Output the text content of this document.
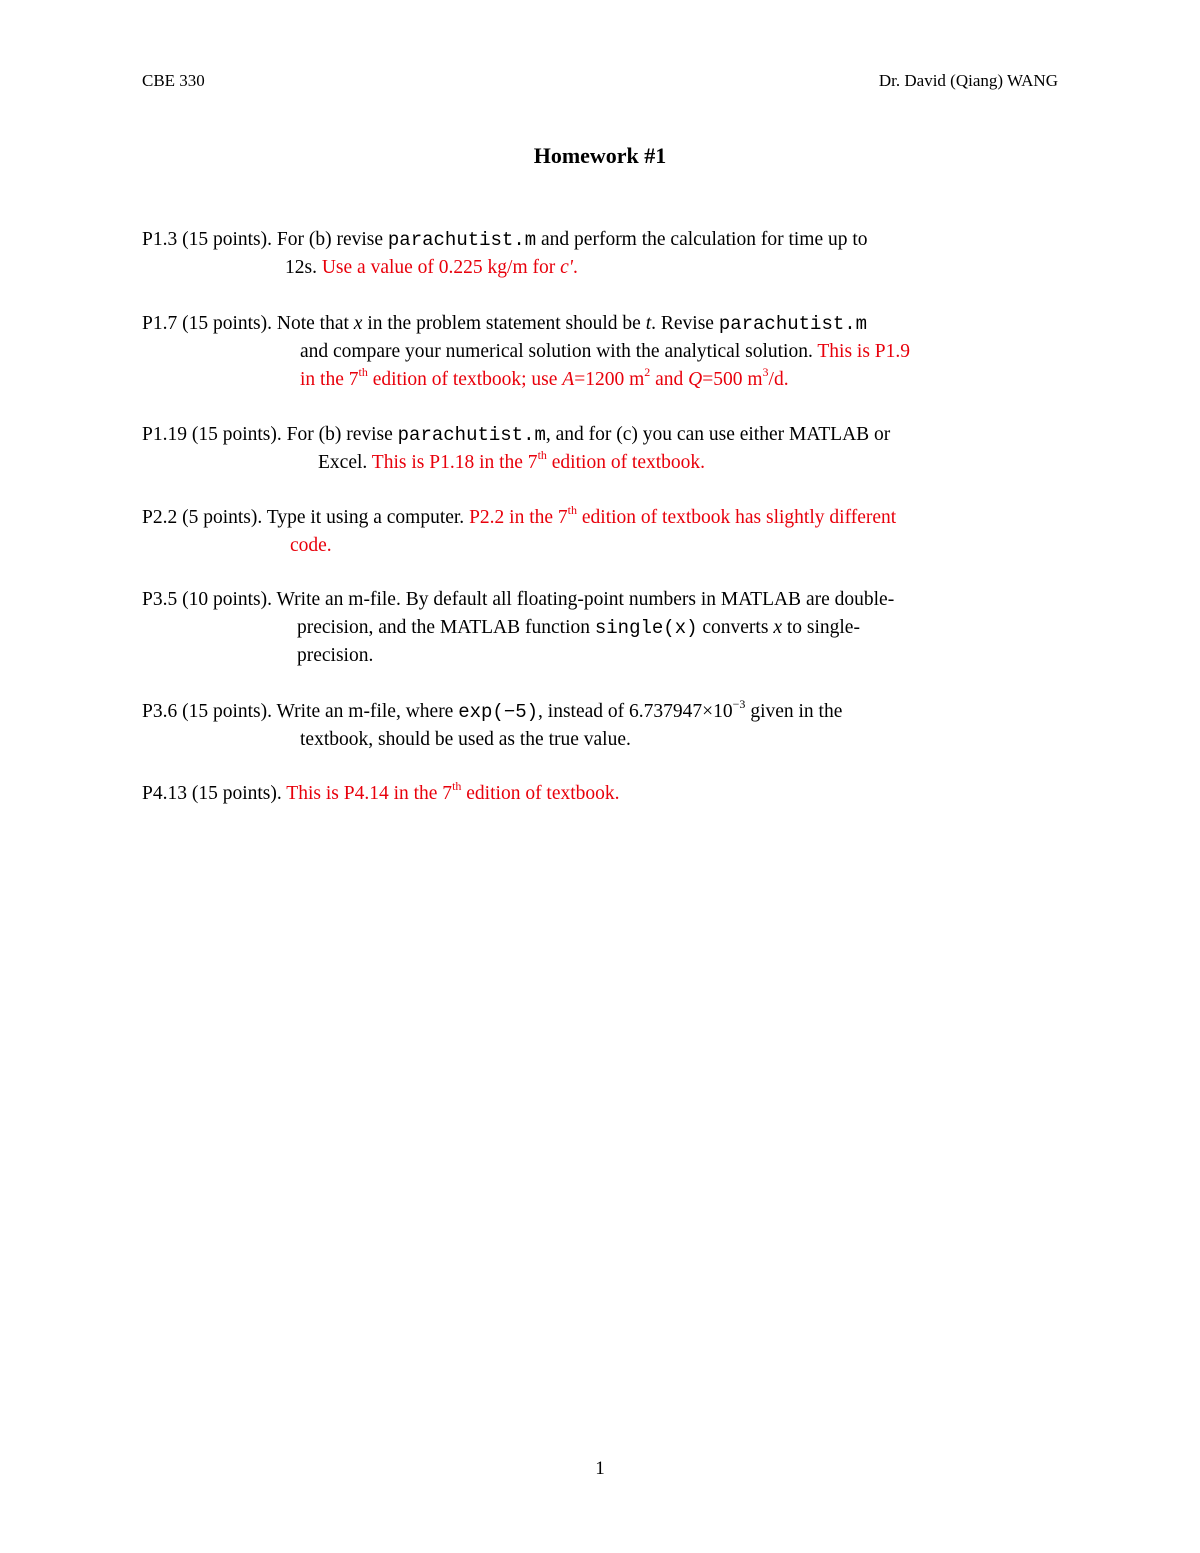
CBE 330	Dr. David (Qiang) WANG
Homework #1
P1.3 (15 points). For (b) revise parachutist.m and perform the calculation for time up to
12s. Use a value of 0.225 kg/m for c'.
P1.7 (15 points). Note that x in the problem statement should be t. Revise parachutist.m
and compare your numerical solution with the analytical solution. This is P1.9
in the 7th edition of textbook; use A=1200 $m^2$ and Q=500 $m^3/d$.
P1.19 (15 points). For (b) revise parachutist.m, and for (c) you can use either MATLAB or
Excel. This is P1.18 in the 7th edition of textbook.
P2.2 (5 points). Type it using a computer. P2.2 in the 7th edition of textbook has slightly different
code.
P3.5 (10 points). Write an m-file. By default all floating-point numbers in MATLAB are double-
precision, and the MATLAB function single(x) converts x to single-
precision.
P3.6 (15 points). Write an m-file, where exp(−5), instead of $6.737947\times 10^{-3}$ given in the
textbook, should be used as the true value.
P4.13 (15 points). This is P4.14 in the 7th edition of textbook.
1
